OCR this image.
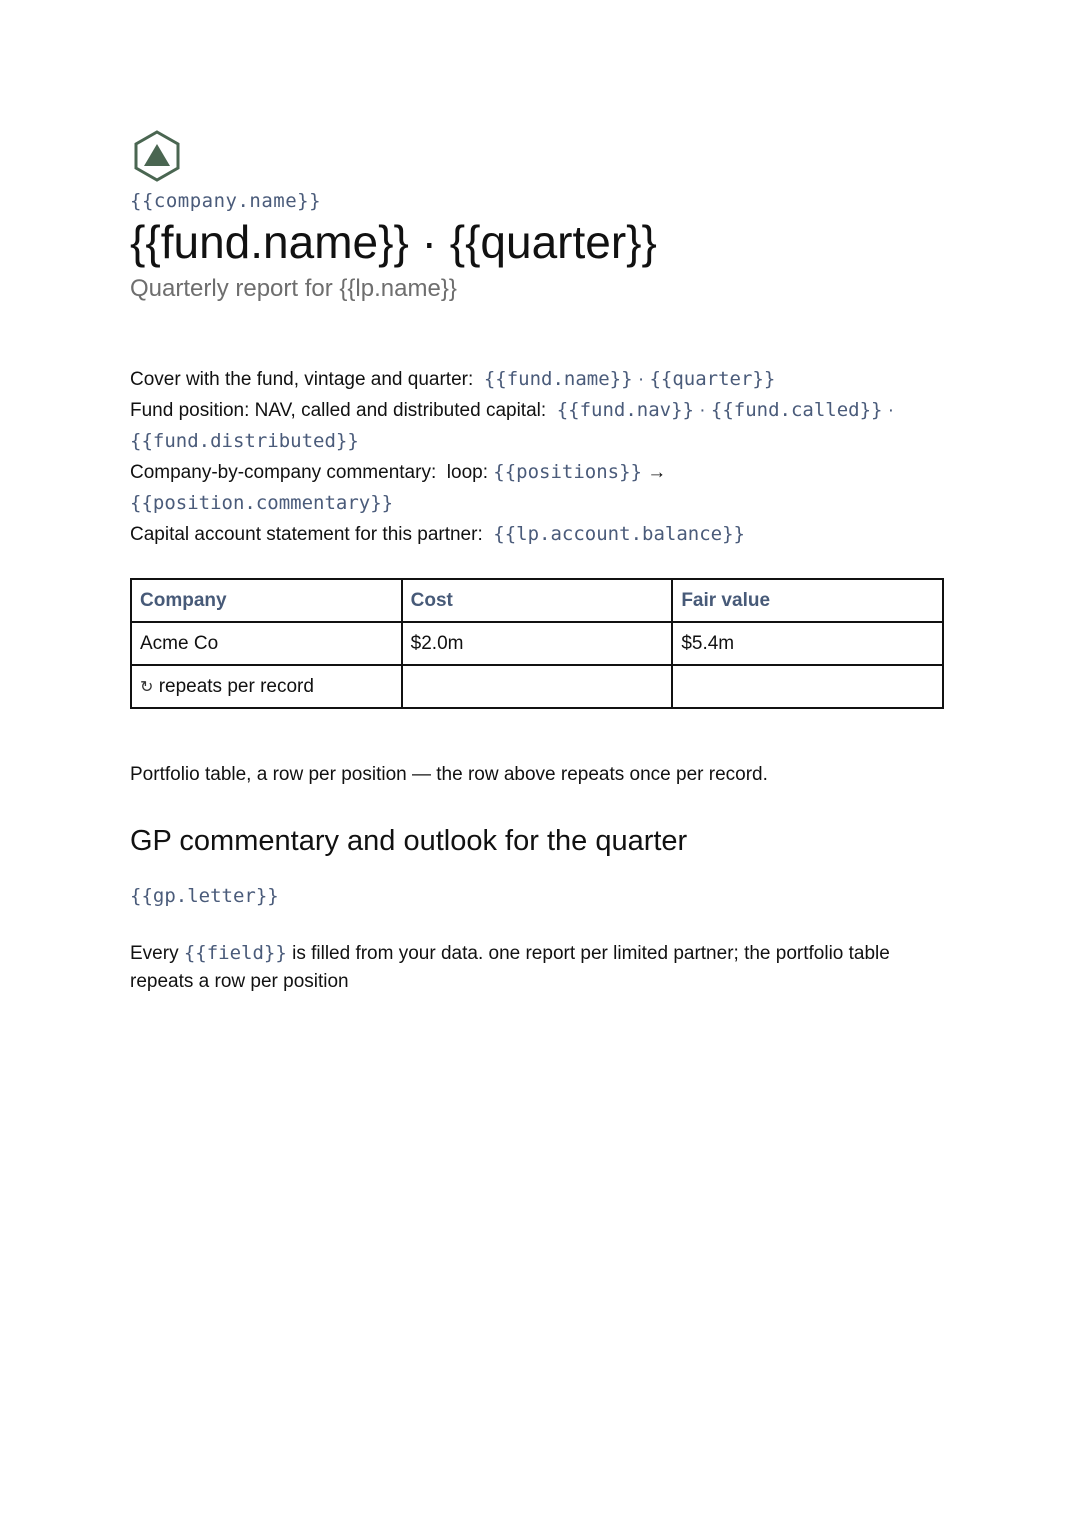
{{company.name}}
{{fund.name}} · {{quarter}}
Quarterly report for {{lp.name}}
Cover with the fund, vintage and quarter: {{fund.name}} · {{quarter}}
Fund position: NAV, called and distributed capital: {{fund.nav}} · {{fund.called}} ·
{{fund.distributed}}
Company-by-company commentary: loop: {{positions}} →
{{position.commentary}}
Capital account statement for this partner: {{lp.account.balance}}
Company	Cost	Fair value
Acme Co	$2.0m	$5.4m
↻ repeats per record		
Portfolio table, a row per position — the row above repeats once per record.
GP commentary and outlook for the quarter
{{gp.letter}}
Every {{field}} is filled from your data. one report per limited partner; the portfolio table repeats a row per position
